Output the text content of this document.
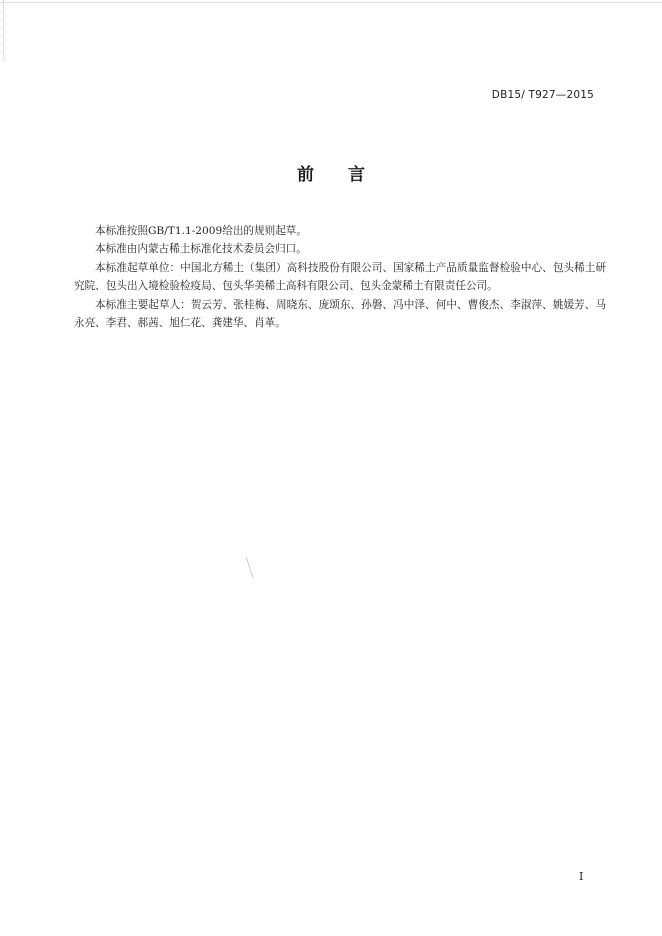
DB15/ T927—2015
前言

本标准按照GB/T1.1-2009给出的规则起草。

本标准由内蒙古稀土标准化技术委员会归口。

本标准起草单位：中国北方稀土（集团）高科技股份有限公司、国家稀土产品质量监督检验中心、包头稀土研究院、包头出入境检验检疫局、包头华美稀土高科有限公司、包头金蒙稀土有限责任公司。

本标准主要起草人：贺云芳、张桂梅、周晓东、庞颂东、孙磐、冯中泽、何中、曹俊杰、李淑萍、姚媛芳、马永亮、李君、郝茜、旭仁花、龚建华、肖革。

I
